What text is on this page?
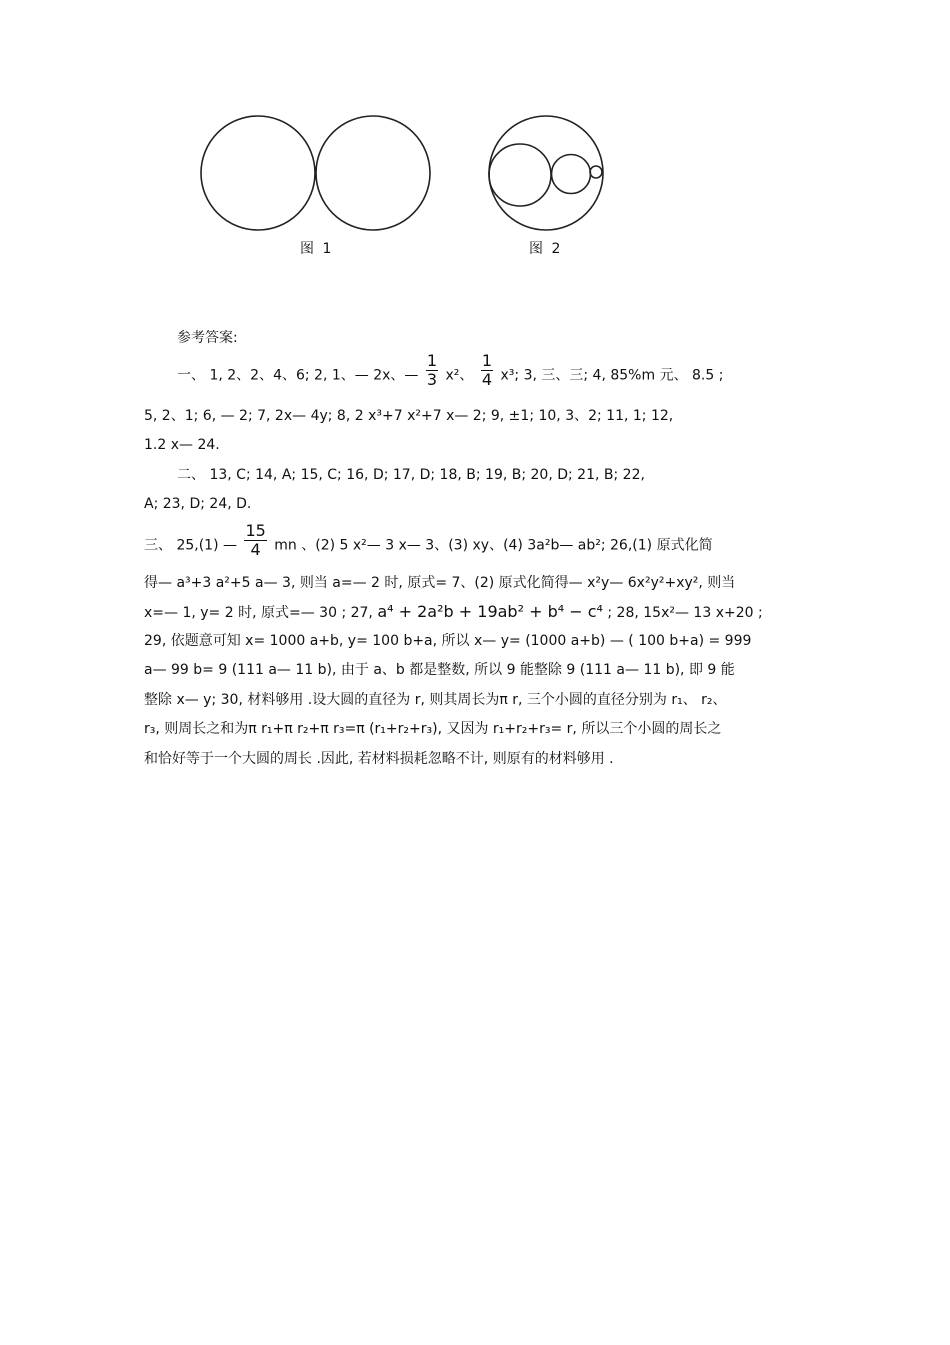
图 1	图 2
参考答案:
一、 1, 2、2、4、6; 2, 1、— 2x、— $\frac{1}{3} x^2$、 $\frac{1}{4} x^3$; 3, 三、三; 4, 85%m 元、 8.5 ;
5, 2、1; 6, — 2; 7, 2x— 4y; 8, 2 x³+7 x²+7 x— 2; 9, ±1; 10, 3、2; 11, 1; 12,
1.2 x— 24.
二、 13, C; 14, A; 15, C; 16, D; 17, D; 18, B; 19, B; 20, D; 21, B; 22,
A; 23, D; 24, D.
三、 25,(1) — $\frac{15}{4}$ mn 、(2) 5 x²— 3 x— 3、(3) xy、(4) 3a²b— ab²; 26,(1) 原式化简
得— a³+3 a²+5 a— 3, 则当 a=— 2 时, 原式= 7、(2) 原式化简得— x²y— 6x²y²+xy², 则当
x=— 1, y= 2 时, 原式=— 30 ; 27, a⁴ + 2a²b + 19ab² + b⁴ − c⁴ ; 28, 15x²— 13 x+20 ;
29, 依题意可知 x= 1000 a+b, y= 100 b+a, 所以 x— y= (1000 a+b) — ( 100 b+a) = 999
a— 99 b= 9 (111 a— 11 b), 由于 a、b 都是整数, 所以 9 能整除 9 (111 a— 11 b), 即 9 能
整除 x— y; 30, 材料够用 .设大圆的直径为 r, 则其周长为π r, 三个小圆的直径分别为 r₁、 r₂、
r₃, 则周长之和为π r₁+π r₂+π r₃=π (r₁+r₂+r₃), 又因为 r₁+r₂+r₃= r, 所以三个小圆的周长之
和恰好等于一个大圆的周长 .因此, 若材料损耗忽略不计, 则原有的材料够用 .
